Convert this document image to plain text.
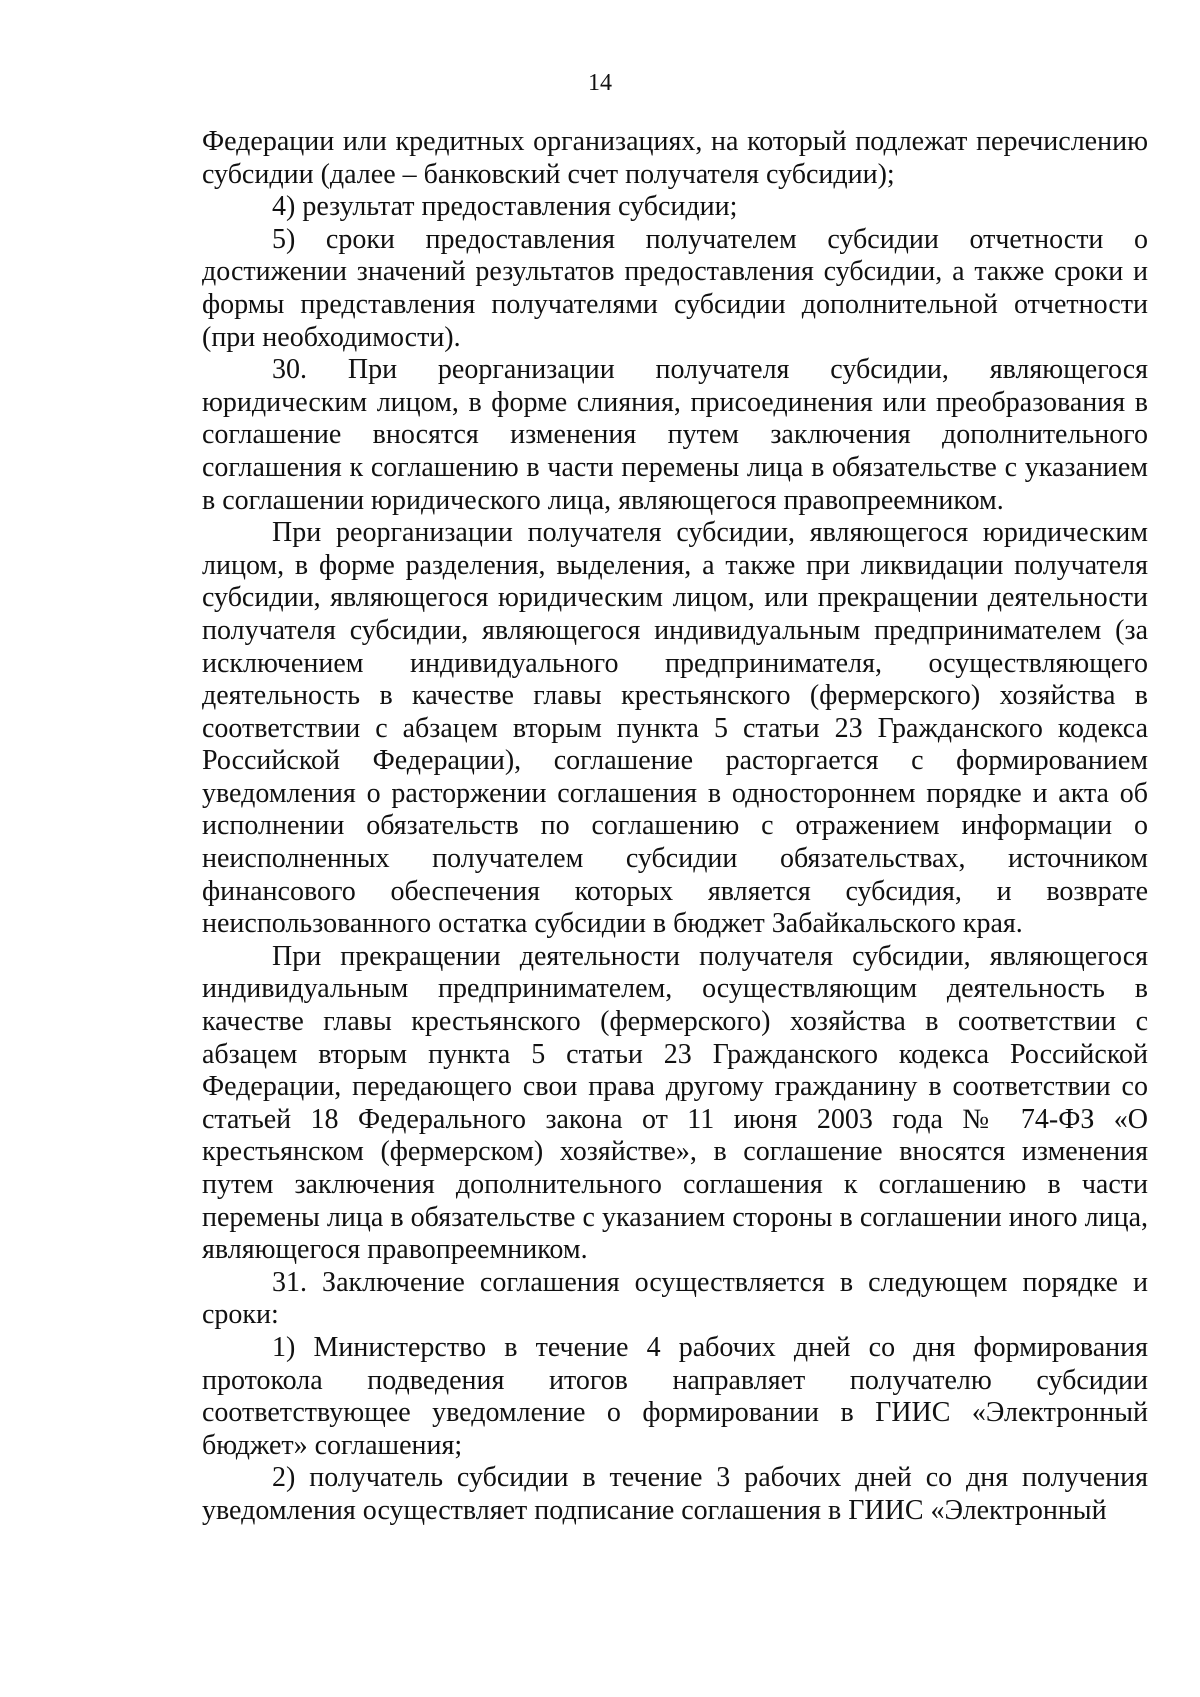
14

Федерации или кредитных организациях, на который подлежат перечислению субсидии (далее – банковский счет получателя субсидии);

4) результат предоставления субсидии;

5) сроки предоставления получателем субсидии отчетности о достижении значений результатов предоставления субсидии, а также сроки и формы представления получателями субсидии дополнительной отчетности (при необходимости).

30. При реорганизации получателя субсидии, являющегося юридическим лицом, в форме слияния, присоединения или преобразования в соглашение вносятся изменения путем заключения дополнительного соглашения к соглашению в части перемены лица в обязательстве с указанием в соглашении юридического лица, являющегося правопреемником.

При реорганизации получателя субсидии, являющегося юридическим лицом, в форме разделения, выделения, а также при ликвидации получателя субсидии, являющегося юридическим лицом, или прекращении деятельности получателя субсидии, являющегося индивидуальным предпринимателем (за исключением индивидуального предпринимателя, осуществляющего деятельность в качестве главы крестьянского (фермерского) хозяйства в соответствии с абзацем вторым пункта 5 статьи 23 Гражданского кодекса Российской Федерации), соглашение расторгается с формированием уведомления о расторжении соглашения в одностороннем порядке и акта об исполнении обязательств по соглашению с отражением информации о неисполненных получателем субсидии обязательствах, источником финансового обеспечения которых является субсидия, и возврате неиспользованного остатка субсидии в бюджет Забайкальского края.

При прекращении деятельности получателя субсидии, являющегося индивидуальным предпринимателем, осуществляющим деятельность в качестве главы крестьянского (фермерского) хозяйства в соответствии с абзацем вторым пункта 5 статьи 23 Гражданского кодекса Российской Федерации, передающего свои права другому гражданину в соответствии со статьей 18 Федерального закона от 11 июня 2003 года № 74-ФЗ «О крестьянском (фермерском) хозяйстве», в соглашение вносятся изменения путем заключения дополнительного соглашения к соглашению в части перемены лица в обязательстве с указанием стороны в соглашении иного лица, являющегося правопреемником.

31. Заключение соглашения осуществляется в следующем порядке и сроки:

1) Министерство в течение 4 рабочих дней со дня формирования протокола подведения итогов направляет получателю субсидии соответствующее уведомление о формировании в ГИИС «Электронный бюджет» соглашения;

2) получатель субсидии в течение 3 рабочих дней со дня получения уведомления осуществляет подписание соглашения в ГИИС «Электронный
